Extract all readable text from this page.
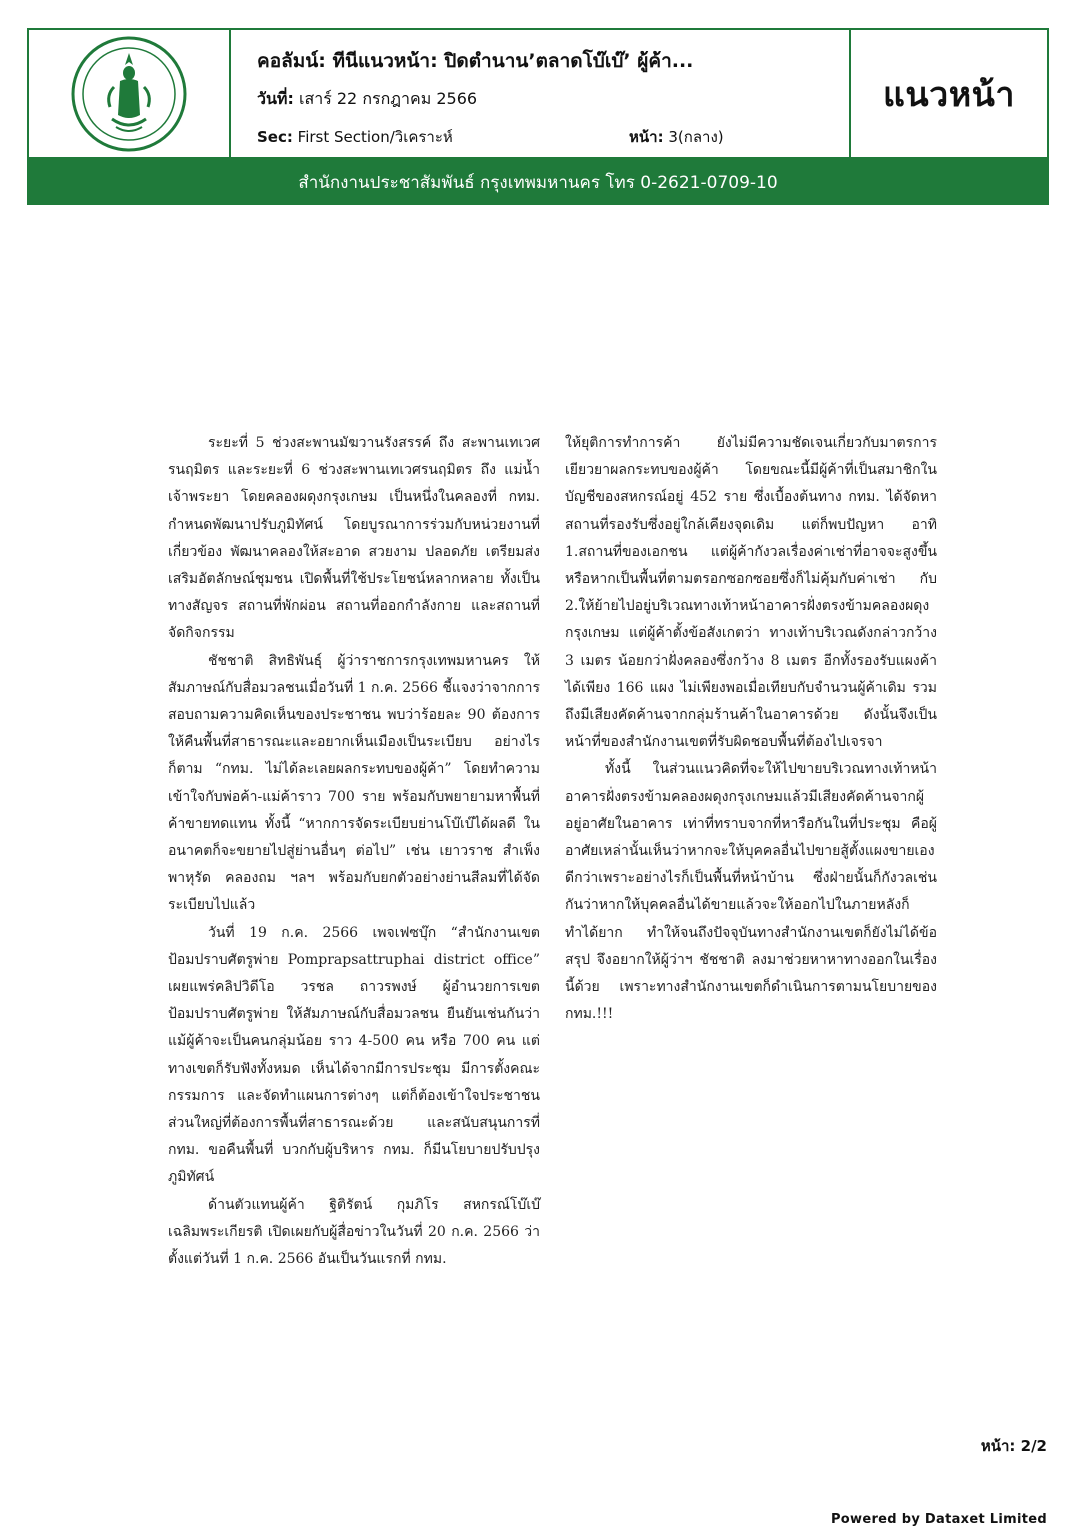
คอลัมน์: ทีนีแนวหน้า: ปิดตำนาน’ตลาดโบ๊เบ๊’ ผู้ค้า...
วันที่: เสาร์ 22 กรกฎาคม 2566
Sec: First Section/วิเคราะห์	หน้า: 3(กลาง)
แนวหน้า
สำนักงานประชาสัมพันธ์ กรุงเทพมหานคร โทร 0-2621-0709-10

ระยะที่ 5 ช่วงสะพานมัฆวานรังสรรค์ ถึง สะพานเทเวศรนฤมิตร และระยะที่ 6 ช่วงสะพานเทเวศรนฤมิตร ถึง แม่น้ำเจ้าพระยา โดยคลองผดุงกรุงเกษม เป็นหนึ่งในคลองที่ กทม. กำหนดพัฒนาปรับภูมิทัศน์ โดยบูรณาการร่วมกับหน่วยงานที่เกี่ยวข้อง พัฒนาคลองให้สะอาด สวยงาม ปลอดภัย เตรียมส่งเสริมอัตลักษณ์ชุมชน เปิดพื้นที่ใช้ประโยชน์หลากหลาย ทั้งเป็นทางสัญจร สถานที่พักผ่อน สถานที่ออกกำลังกาย และสถานที่จัดกิจกรรม

ชัชชาติ สิทธิพันธุ์ ผู้ว่าราชการกรุงเทพมหานคร ให้สัมภาษณ์กับสื่อมวลชนเมื่อวันที่ 1 ก.ค. 2566 ชี้แจงว่าจากการสอบถามความคิดเห็นของประชาชน พบว่าร้อยละ 90 ต้องการให้คืนพื้นที่สาธารณะและอยากเห็นเมืองเป็นระเบียบ อย่างไรก็ตาม “กทม. ไม่ได้ละเลยผลกระทบของผู้ค้า” โดยทำความเข้าใจกับพ่อค้า-แม่ค้าราว 700 ราย พร้อมกับพยายามหาพื้นที่ค้าขายทดแทน ทั้งนี้ “หากการจัดระเบียบย่านโบ๊เบ๊ได้ผลดี ในอนาคตก็จะขยายไปสู่ย่านอื่นๆ ต่อไป” เช่น เยาวราช สำเพ็ง พาหุรัด คลองถม ฯลฯ พร้อมกับยกตัวอย่างย่านสีลมที่ได้จัดระเบียบไปแล้ว

วันที่ 19 ก.ค. 2566 เพจเฟซบุ๊ก “สำนักงานเขตป้อมปราบศัตรูพ่าย Pomprapsattruphai district office” เผยแพร่คลิปวิดีโอ วรชล ถาวรพงษ์ ผู้อำนวยการเขตป้อมปราบศัตรูพ่าย ให้สัมภาษณ์กับสื่อมวลชน ยืนยันเช่นกันว่า แม้ผู้ค้าจะเป็นคนกลุ่มน้อย ราว 4-500 คน หรือ 700 คน แต่ทางเขตก็รับฟังทั้งหมด เห็นได้จากมีการประชุม มีการตั้งคณะกรรมการ และจัดทำแผนการต่างๆ แต่ก็ต้องเข้าใจประชาชนส่วนใหญ่ที่ต้องการพื้นที่สาธารณะด้วย และสนับสนุนการที่ กทม. ขอคืนพื้นที่ บวกกับผู้บริหาร กทม. ก็มีนโยบายปรับปรุงภูมิทัศน์

ด้านตัวแทนผู้ค้า ฐิติรัตน์ กุมภิโร สหกรณ์โบ๊เบ๊เฉลิมพระเกียรติ เปิดเผยกับผู้สื่อข่าวในวันที่ 20 ก.ค. 2566 ว่า ตั้งแต่วันที่ 1 ก.ค. 2566 อันเป็นวันแรกที่ กทม.

ให้ยุติการทำการค้า ยังไม่มีความชัดเจนเกี่ยวกับมาตรการเยียวยาผลกระทบของผู้ค้า โดยขณะนี้มีผู้ค้าที่เป็นสมาชิกในบัญชีของสหกรณ์อยู่ 452 ราย ซึ่งเบื้องต้นทาง กทม. ได้จัดหาสถานที่รองรับซึ่งอยู่ใกล้เคียงจุดเดิม แต่ก็พบปัญหา อาทิ 1.สถานที่ของเอกชน แต่ผู้ค้ากังวลเรื่องค่าเช่าที่อาจจะสูงขึ้น หรือหากเป็นพื้นที่ตามตรอกซอกซอยซึ่งก็ไม่คุ้มกับค่าเช่า กับ 2.ให้ย้ายไปอยู่บริเวณทางเท้าหน้าอาคารฝั่งตรงข้ามคลองผดุงกรุงเกษม แต่ผู้ค้าตั้งข้อสังเกตว่า ทางเท้าบริเวณดังกล่าวกว้าง 3 เมตร น้อยกว่าฝั่งคลองซึ่งกว้าง 8 เมตร อีกทั้งรองรับแผงค้าได้เพียง 166 แผง ไม่เพียงพอเมื่อเทียบกับจำนวนผู้ค้าเดิม รวมถึงมีเสียงคัดค้านจากกลุ่มร้านค้าในอาคารด้วย ดังนั้นจึงเป็นหน้าที่ของสำนักงานเขตที่รับผิดชอบพื้นที่ต้องไปเจรจา

ทั้งนี้ ในส่วนแนวคิดที่จะให้ไปขายบริเวณทางเท้าหน้าอาคารฝั่งตรงข้ามคลองผดุงกรุงเกษมแล้วมีเสียงคัดค้านจากผู้อยู่อาศัยในอาคาร เท่าที่ทราบจากที่หารือกันในที่ประชุม คือผู้อาศัยเหล่านั้นเห็นว่าหากจะให้บุคคลอื่นไปขายสู้ตั้งแผงขายเองดีกว่าเพราะอย่างไรก็เป็นพื้นที่หน้าบ้าน ซึ่งฝ่ายนั้นก็กังวลเช่นกันว่าหากให้บุคคลอื่นได้ขายแล้วจะให้ออกไปในภายหลังก็ทำได้ยาก ทำให้จนถึงปัจจุบันทางสำนักงานเขตก็ยังไม่ได้ข้อสรุป จึงอยากให้ผู้ว่าฯ ชัชชาติ ลงมาช่วยหาหาทางออกในเรื่องนี้ด้วย เพราะทางสำนักงานเขตก็ดำเนินการตามนโยบายของ กทม.!!!

หน้า: 2/2
Powered by Dataxet Limited
